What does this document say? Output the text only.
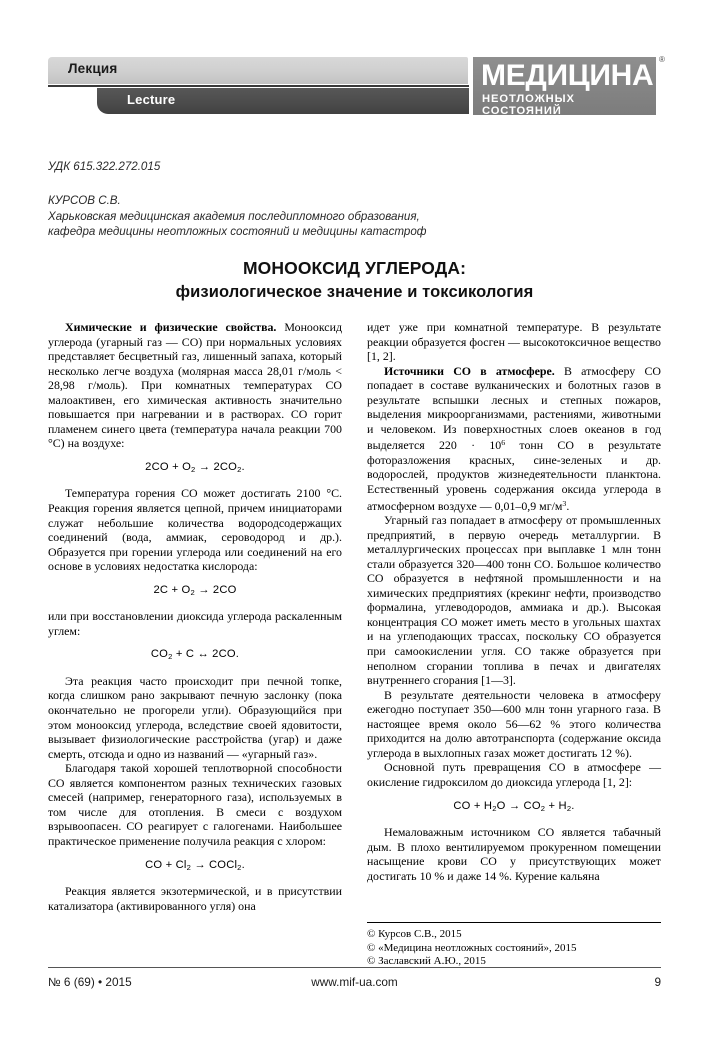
Лекция
Lecture
МЕДИЦИНА
НЕОТЛОЖНЫХ СОСТОЯНИЙ
®
УДК 615.322.272.015
КУРСОВ С.В.
Харьковская медицинская академия последипломного образования,
кафедра медицины неотложных состояний и медицины катастроф
МОНООКСИД УГЛЕРОДА:
физиологическое значение и токсикология

Химические и физические свойства. Монооксид углерода (угарный газ — CO) при нормальных условиях представляет бесцветный газ, лишенный запаха, который несколько легче воздуха (молярная масса 28,01 г/моль < 28,98 г/моль). При комнатных температурах CO малоактивен, его химическая активность значительно повышается при нагревании и в растворах. CO горит пламенем синего цвета (температура начала реакции 700 °C) на воздухе:

$2CO + O_2 \to 2CO_2$.

Температура горения CO может достигать 2100 °C. Реакция горения является цепной, причем инициаторами служат небольшие количества водородсодержащих соединений (вода, аммиак, сероводород и др.). Образуется при горении углерода или соединений на его основе в условиях недостатка кислорода:

$2C + O_2 \to 2CO$

или при восстановлении диоксида углерода раскаленным углем:

$CO_2 + C$ ↔ 2CO.

Эта реакция часто происходит при печной топке, когда слишком рано закрывают печную заслонку (пока окончательно не прогорели угли). Образующийся при этом монооксид углерода, вследствие своей ядовитости, вызывает физиологические расстройства (угар) и даже смерть, отсюда и одно из названий — «угарный газ».

Благодаря такой хорошей теплотворной способности CO является компонентом разных технических газовых смесей (например, генераторного газа), используемых в том числе для отопления. В смеси с воздухом взрывоопасен. CO реагирует с галогенами. Наибольшее практическое применение получила реакция с хлором:

CO + $Cl_2$ → COCl$_2$.

Реакция является экзотермической, и в присутствии катализатора (активированного угля) она

идет уже при комнатной температуре. В результате реакции образуется фосген — высокотоксичное вещество [1, 2].

Источники CO в атмосфере. В атмосферу CO попадает в составе вулканических и болотных газов в результате вспышки лесных и степных пожаров, выделения микроорганизмами, растениями, животными и человеком. Из поверхностных слоев океанов в год выделяется $220 \cdot 10^6$ тонн CO в результате фоторазложения красных, сине-зеленых и др. водорослей, продуктов жизнедеятельности планктона. Естественный уровень содержания оксида углерода в атмосферном воздухе — 0,01–0,9 $мг/м^3$.

Угарный газ попадает в атмосферу от промышленных предприятий, в первую очередь металлургии. В металлургических процессах при выплавке 1 млн тонн стали образуется 320—400 тонн CO. Большое количество CO образуется в нефтяной промышленности и на химических предприятиях (крекинг нефти, производство формалина, углеводородов, аммиака и др.). Высокая концентрация CO может иметь место в угольных шахтах и на углеподающих трассах, поскольку CO образуется при самоокислении угля. CO также образуется при неполном сгорании топлива в печах и двигателях внутреннего сгорания [1—3].

В результате деятельности человека в атмосферу ежегодно поступает 350—600 млн тонн угарного газа. В настоящее время около 56—62 % этого количества приходится на долю автотранспорта (содержание оксида углерода в выхлопных газах может достигать 12 %).

Основной путь превращения CO в атмосфере — окисление гидроксилом до диоксида углерода [1, 2]:

CO + $H_2O \to CO_2 + H_2$.

Немаловажным источником CO является табачный дым. В плохо вентилируемом прокуренном помещении насыщение крови CO у присутствующих может достигать 10 % и даже 14 %. Курение кальяна

© Курсов С.В., 2015
© «Медицина неотложных состояний», 2015
© Заславский А.Ю., 2015
№ 6 (69) • 2015	www.mif-ua.com	9
